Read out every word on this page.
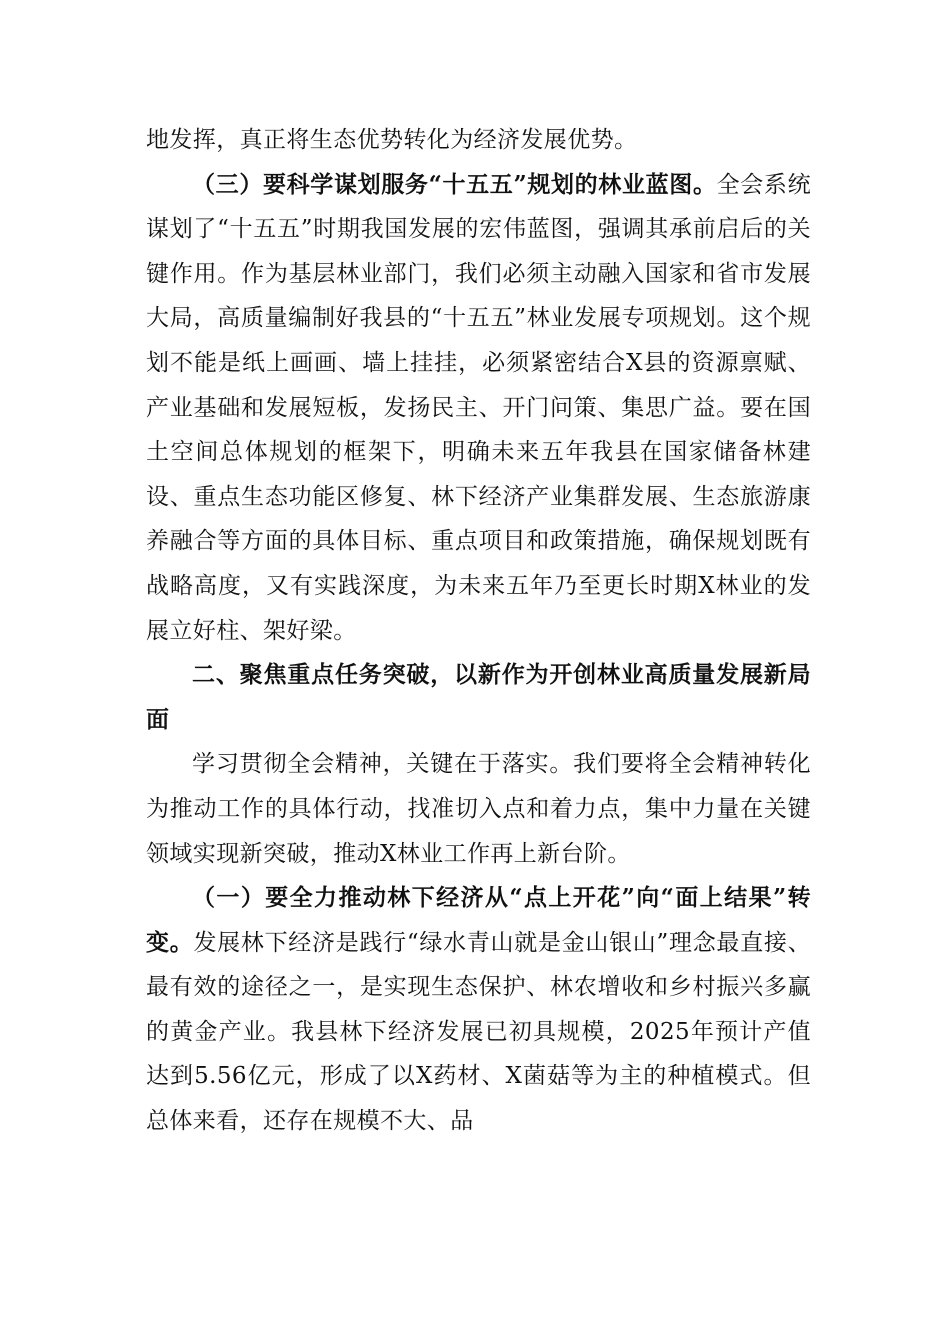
地发挥，真正将生态优势转化为经济发展优势。

（三）要科学谋划服务“十五五”规划的林业蓝图。全会系统谋划了“十五五”时期我国发展的宏伟蓝图，强调其承前启后的关键作用。作为基层林业部门，我们必须主动融入国家和省市发展大局，高质量编制好我县的“十五五”林业发展专项规划。这个规划不能是纸上画画、墙上挂挂，必须紧密结合X县的资源禀赋、产业基础和发展短板，发扬民主、开门问策、集思广益。要在国土空间总体规划的框架下，明确未来五年我县在国家储备林建设、重点生态功能区修复、林下经济产业集群发展、生态旅游康养融合等方面的具体目标、重点项目和政策措施，确保规划既有战略高度，又有实践深度，为未来五年乃至更长时期X林业的发展立好柱、架好梁。

二、聚焦重点任务突破，以新作为开创林业高质量发展新局面

学习贯彻全会精神，关键在于落实。我们要将全会精神转化为推动工作的具体行动，找准切入点和着力点，集中力量在关键领域实现新突破，推动X林业工作再上新台阶。

（一）要全力推动林下经济从“点上开花”向“面上结果”转变。发展林下经济是践行“绿水青山就是金山银山”理念最直接、最有效的途径之一，是实现生态保护、林农增收和乡村振兴多赢的黄金产业。我县林下经济发展已初具规模，2025年预计产值达到5.56亿元，形成了以X药材、X菌菇等为主的种植模式。但总体来看，还存在规模不大、品
